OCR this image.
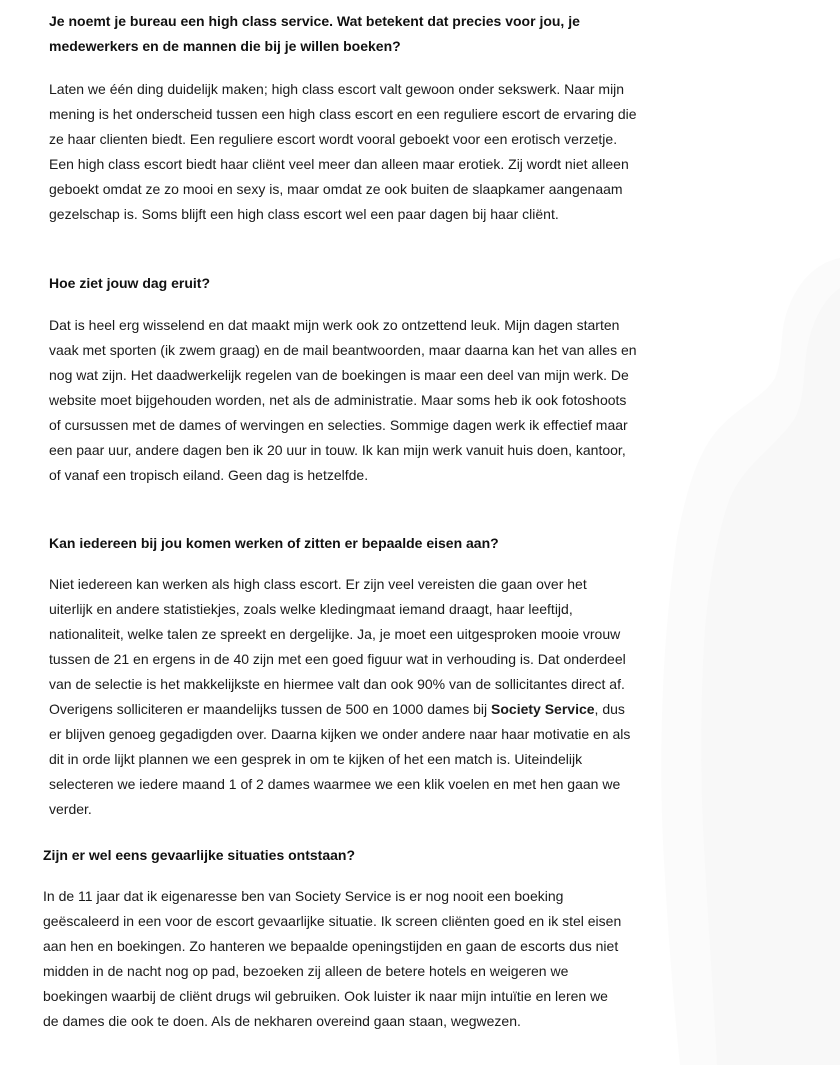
Je noemt je bureau een high class service. Wat betekent dat precies voor jou, je medewerkers en de mannen die bij je willen boeken?

Laten we één ding duidelijk maken; high class escort valt gewoon onder sekswerk. Naar mijn mening is het onderscheid tussen een high class escort en een reguliere escort de ervaring die ze haar clienten biedt. Een reguliere escort wordt vooral geboekt voor een erotisch verzetje. Een high class escort biedt haar cliënt veel meer dan alleen maar erotiek. Zij wordt niet alleen geboekt omdat ze zo mooi en sexy is, maar omdat ze ook buiten de slaapkamer aangenaam gezelschap is. Soms blijft een high class escort wel een paar dagen bij haar cliënt.

Hoe ziet jouw dag eruit?

Dat is heel erg wisselend en dat maakt mijn werk ook zo ontzettend leuk. Mijn dagen starten vaak met sporten (ik zwem graag) en de mail beantwoorden, maar daarna kan het van alles en nog wat zijn. Het daadwerkelijk regelen van de boekingen is maar een deel van mijn werk. De website moet bijgehouden worden, net als de administratie. Maar soms heb ik ook fotoshoots of cursussen met de dames of wervingen en selecties. Sommige dagen werk ik effectief maar een paar uur, andere dagen ben ik 20 uur in touw. Ik kan mijn werk vanuit huis doen, kantoor, of vanaf een tropisch eiland. Geen dag is hetzelfde.

Kan iedereen bij jou komen werken of zitten er bepaalde eisen aan?

Niet iedereen kan werken als high class escort. Er zijn veel vereisten die gaan over het uiterlijk en andere statistiekjes, zoals welke kledingmaat iemand draagt, haar leeftijd, nationaliteit, welke talen ze spreekt en dergelijke. Ja, je moet een uitgesproken mooie vrouw tussen de 21 en ergens in de 40 zijn met een goed figuur wat in verhouding is. Dat onderdeel van de selectie is het makkelijkste en hiermee valt dan ook 90% van de sollicitantes direct af. Overigens solliciteren er maandelijks tussen de 500 en 1000 dames bij Society Service, dus er blijven genoeg gegadigden over. Daarna kijken we onder andere naar haar motivatie en als dit in orde lijkt plannen we een gesprek in om te kijken of het een match is. Uiteindelijk selecteren we iedere maand 1 of 2 dames waarmee we een klik voelen en met hen gaan we verder.

Zijn er wel eens gevaarlijke situaties ontstaan?

In de 11 jaar dat ik eigenaresse ben van Society Service is er nog nooit een boeking geëscaleerd in een voor de escort gevaarlijke situatie. Ik screen cliënten goed en ik stel eisen aan hen en boekingen. Zo hanteren we bepaalde openingstijden en gaan de escorts dus niet midden in de nacht nog op pad, bezoeken zij alleen de betere hotels en weigeren we boekingen waarbij de cliënt drugs wil gebruiken. Ook luister ik naar mijn intuïtie en leren we de dames die ook te doen. Als de nekharen overeind gaan staan, wegwezen.
